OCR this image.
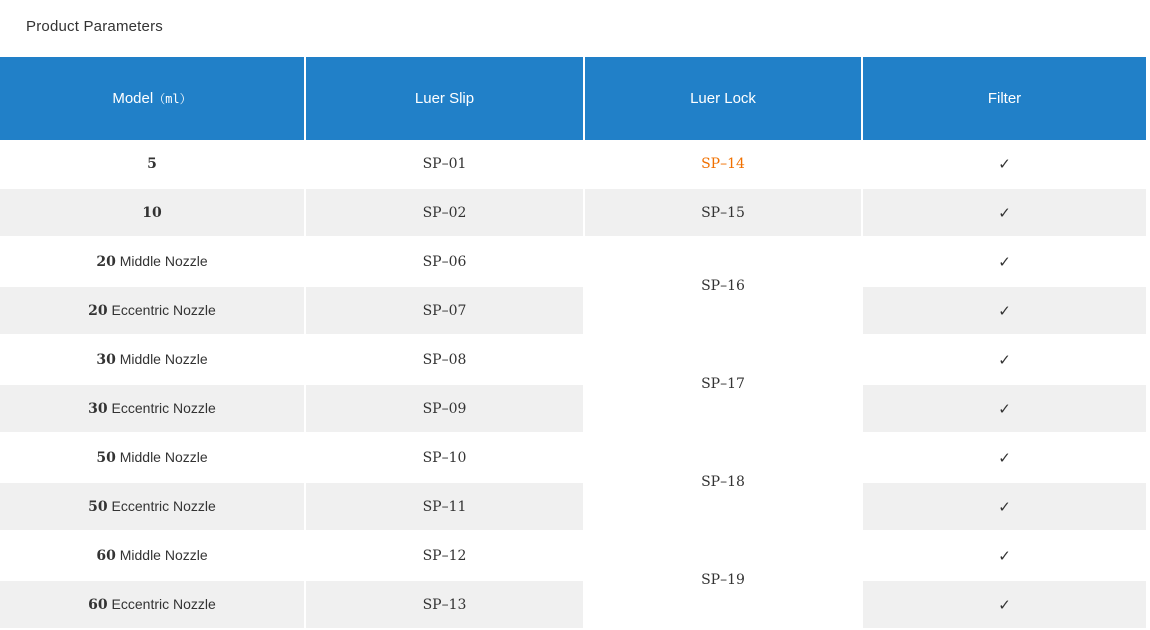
Product Parameters
Model（ml）	Luer Slip	Luer Lock	Filter
5	SP–01	SP–14	✓
10	SP–02	SP–15	✓
20 Middle Nozzle	SP–06	SP–16	✓
20 Eccentric Nozzle	SP–07		✓
30 Middle Nozzle	SP–08	SP–17	✓
30 Eccentric Nozzle	SP–09		✓
50 Middle Nozzle	SP–10	SP–18	✓
50 Eccentric Nozzle	SP–11		✓
60 Middle Nozzle	SP–12	SP–19	✓
60 Eccentric Nozzle	SP–13		✓
